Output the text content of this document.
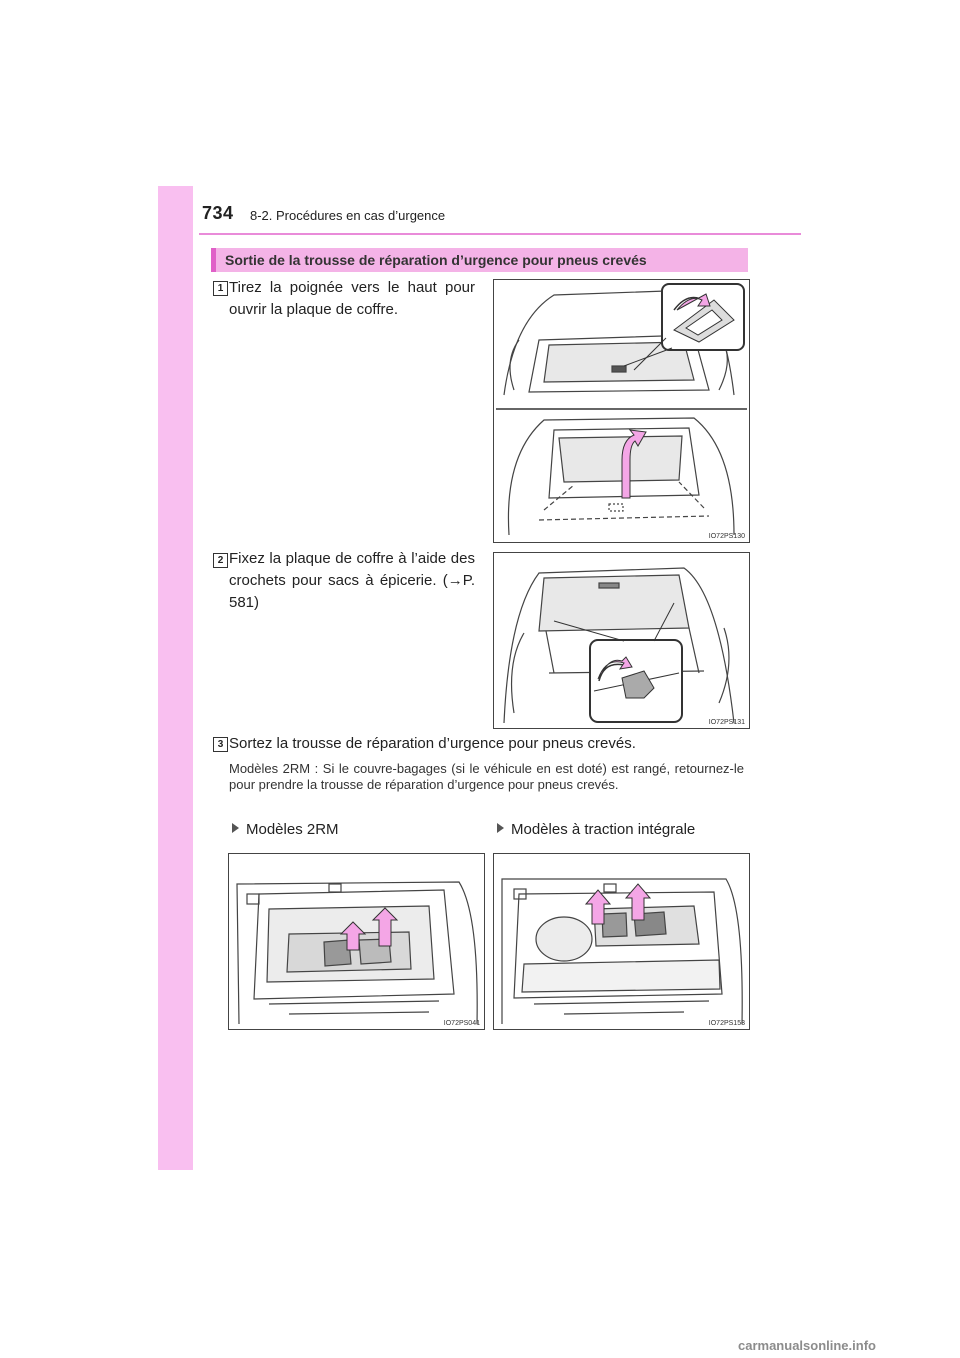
734 8-2. Procédures en cas d’urgence
Sortie de la trousse de réparation d’urgence pour pneus crevés
1 Tirez la poignée vers le haut pour ouvrir la plaque de coffre.
IO72PS130
2 Fixez la plaque de coffre à l’aide des crochets pour sacs à épicerie. (→P. 581)
IO72PS131
3 Sortez la trousse de réparation d’urgence pour pneus crevés.
Modèles 2RM : Si le couvre-bagages (si le véhicule en est doté) est rangé, retournez-le pour prendre la trousse de réparation d’urgence pour pneus crevés.
Modèles 2RM	Modèles à traction intégrale
IO72PS041	IO72PS153
carmanualsonline.info
